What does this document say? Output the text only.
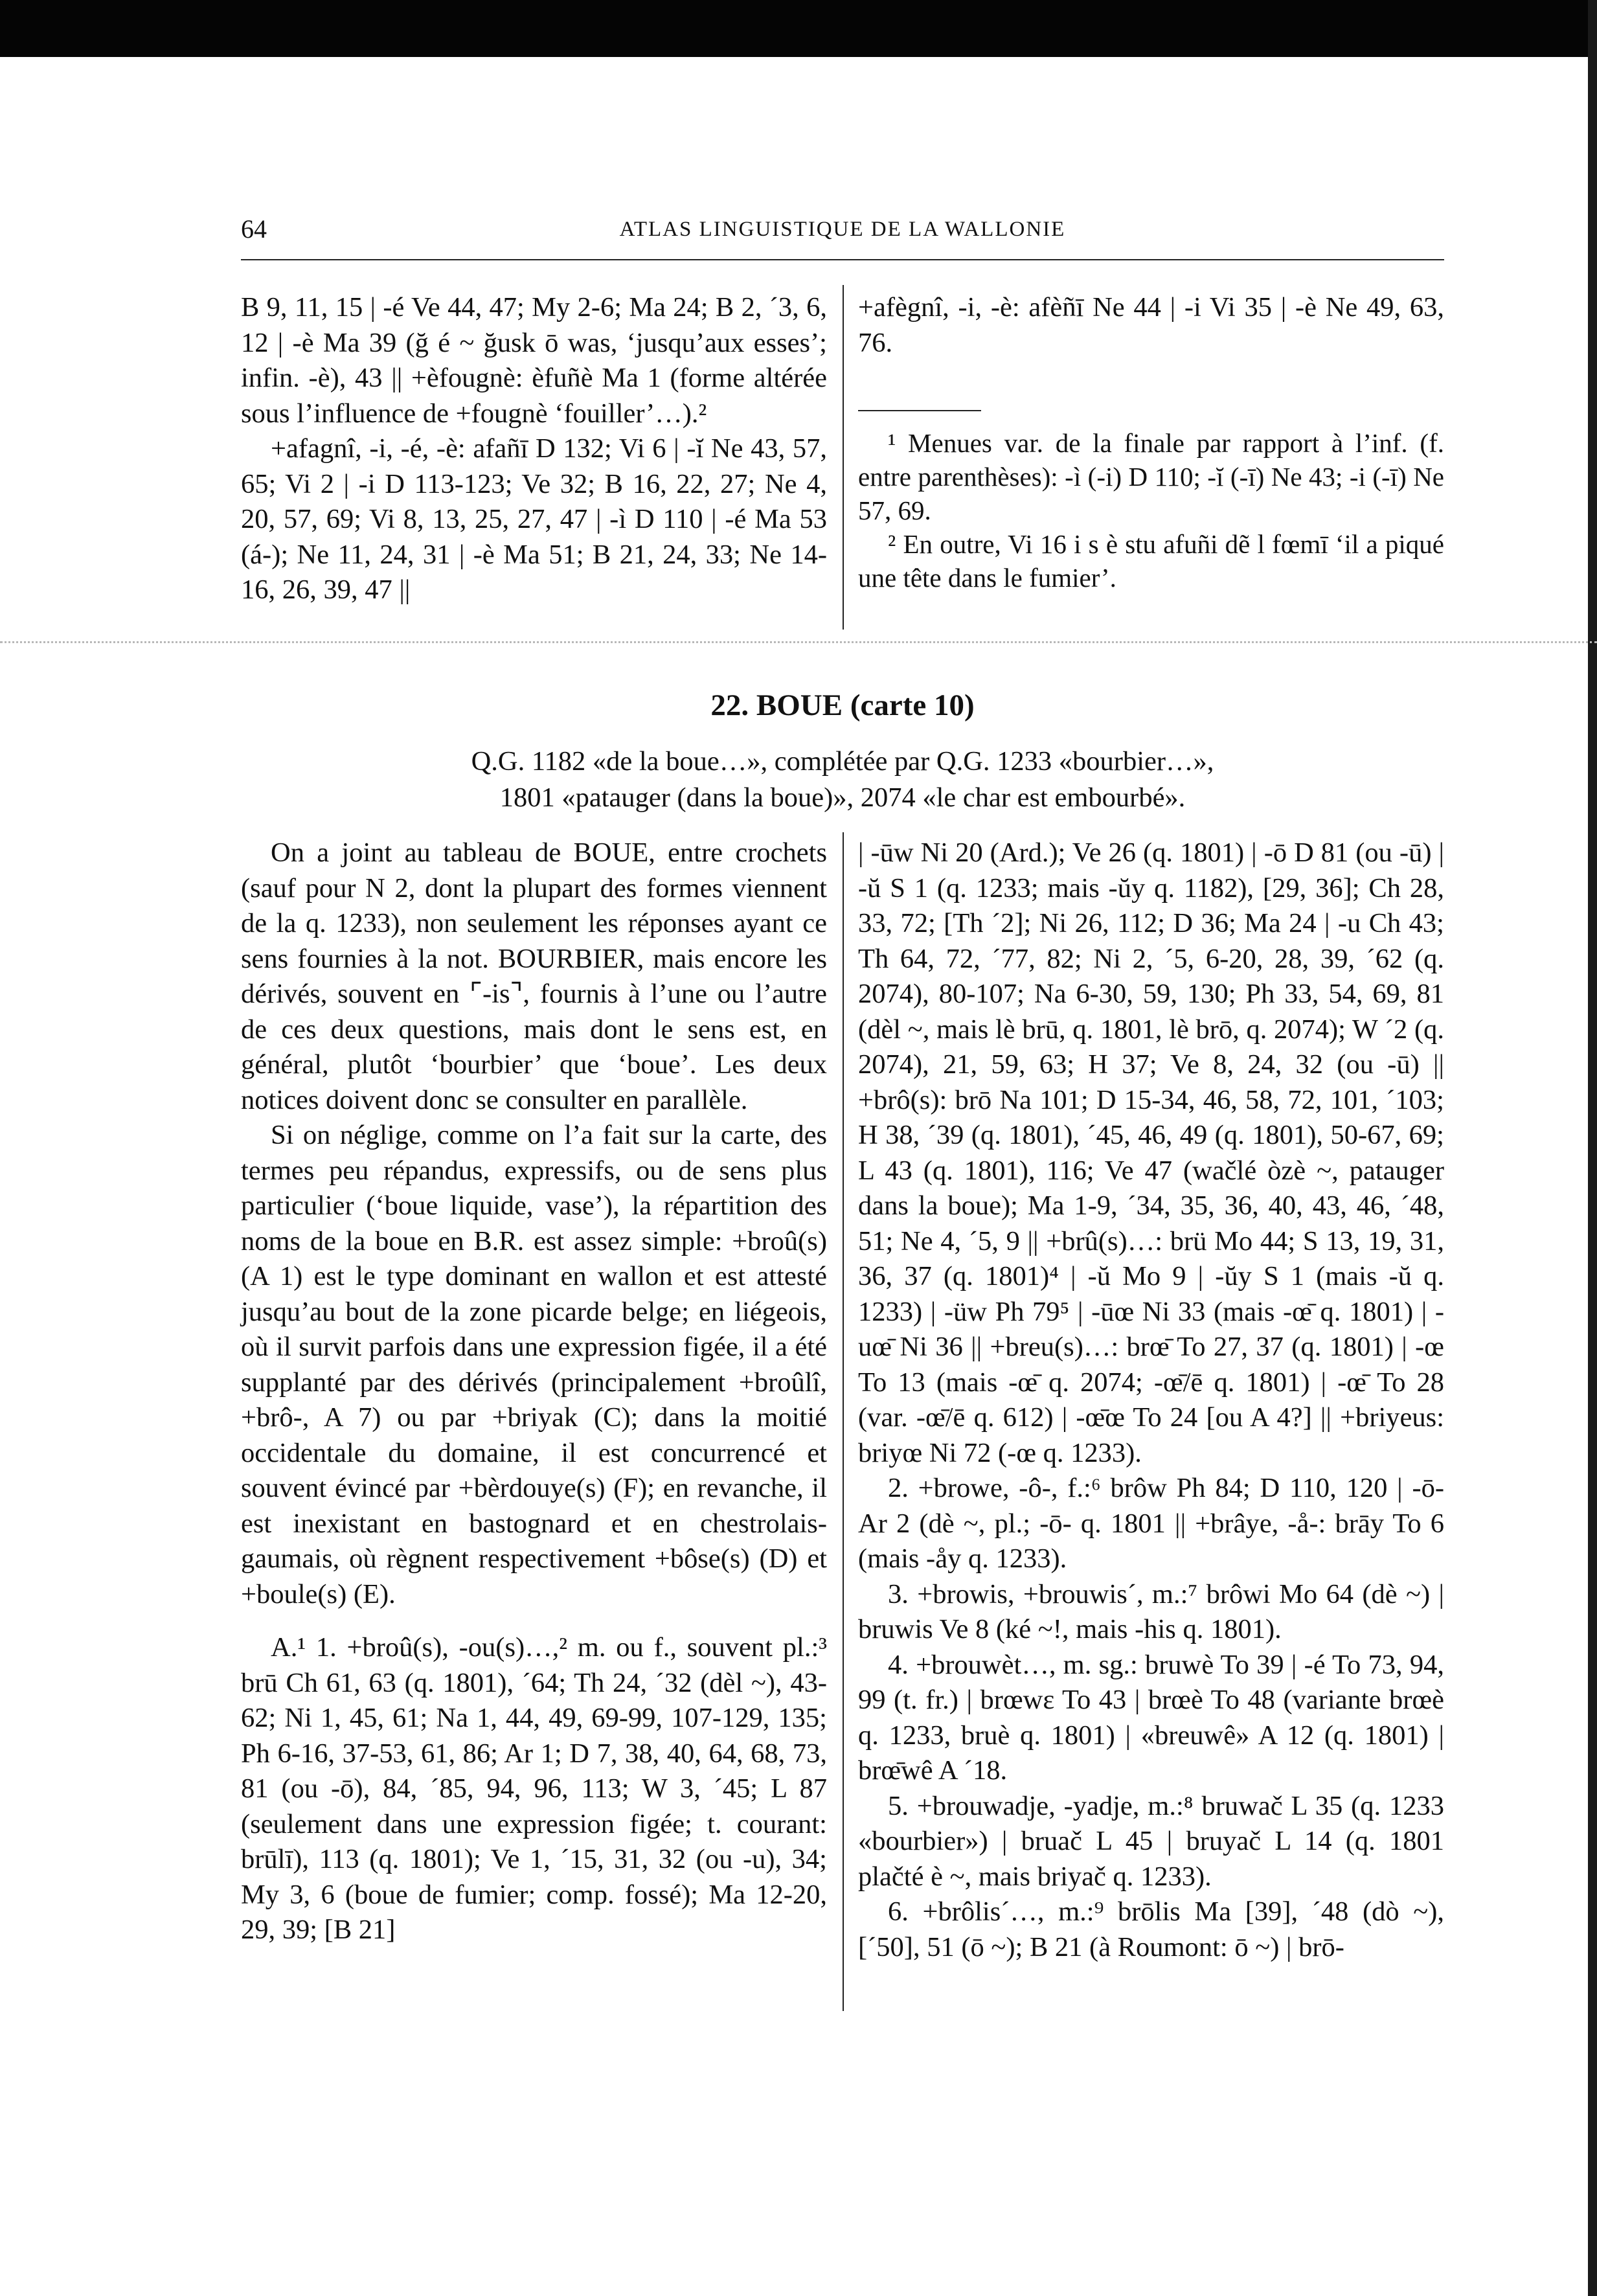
64	ATLAS LINGUISTIQUE DE LA WALLONIE

B 9, 11, 15 | -é Ve 44, 47; My 2-6; Ma 24; B 2, ´3, 6, 12 | -è Ma 39 (ğ é ~ ğusk ō was, ‘jusqu’aux esses’; infin. -è), 43 || +èfougnè: èfuñè Ma 1 (forme altérée sous l’influence de +fougnè ‘fouiller’…).²

+afagnî, -i, -é, -è: afañī D 132; Vi 6 | -ĭ Ne 43, 57, 65; Vi 2 | -i D 113-123; Ve 32; B 16, 22, 27; Ne 4, 20, 57, 69; Vi 8, 13, 25, 27, 47 | -ì D 110 | -é Ma 53 (á-); Ne 11, 24, 31 | -è Ma 51; B 21, 24, 33; Ne 14-16, 26, 39, 47 ||

+afègnî, -i, -è: afèñī Ne 44 | -i Vi 35 | -è Ne 49, 63, 76.

¹ Menues var. de la finale par rapport à l’inf. (f. entre parenthèses): -ì (-i) D 110; -ĭ (-ī) Ne 43; -i (-ī) Ne 57, 69.

² En outre, Vi 16 i s è stu afuñi dẽ l fœmī ‘il a piqué une tête dans le fumier’.

22. BOUE (carte 10)
Q.G. 1182 «de la boue…», complétée par Q.G. 1233 «bourbier…»,
1801 «patauger (dans la boue)», 2074 «le char est embourbé».

On a joint au tableau de BOUE, entre crochets (sauf pour N 2, dont la plupart des formes viennent de la q. 1233), non seulement les réponses ayant ce sens fournies à la not. BOURBIER, mais encore les dérivés, souvent en ⌜-is⌝, fournis à l’une ou l’autre de ces deux questions, mais dont le sens est, en général, plutôt ‘bourbier’ que ‘boue’. Les deux notices doivent donc se consulter en parallèle.

Si on néglige, comme on l’a fait sur la carte, des termes peu répandus, expressifs, ou de sens plus particulier (‘boue liquide, vase’), la répartition des noms de la boue en B.R. est assez simple: +broû(s) (A 1) est le type dominant en wallon et est attesté jusqu’au bout de la zone picarde belge; en liégeois, où il survit parfois dans une expression figée, il a été supplanté par des dérivés (principalement +broûlî, +brô-, A 7) ou par +briyak (C); dans la moitié occidentale du domaine, il est concurrencé et souvent évincé par +bèrdouye(s) (F); en revanche, il est inexistant en bastognard et en chestrolais-gaumais, où règnent respectivement +bôse(s) (D) et +boule(s) (E).

A.¹ 1. +broû(s), -ou(s)…,² m. ou f., souvent pl.:³ brū Ch 61, 63 (q. 1801), ´64; Th 24, ´32 (dèl ~), 43-62; Ni 1, 45, 61; Na 1, 44, 49, 69-99, 107-129, 135; Ph 6-16, 37-53, 61, 86; Ar 1; D 7, 38, 40, 64, 68, 73, 81 (ou -ō), 84, ´85, 94, 96, 113; W 3, ´45; L 87 (seulement dans une expression figée; t. courant: brūlī), 113 (q. 1801); Ve 1, ´15, 31, 32 (ou -u), 34; My 3, 6 (boue de fumier; comp. fossé); Ma 12-20, 29, 39; [B 21]

| -ūw Ni 20 (Ard.); Ve 26 (q. 1801) | -ō D 81 (ou -ū) | -ŭ S 1 (q. 1233; mais -ŭy q. 1182), [29, 36]; Ch 28, 33, 72; [Th ´2]; Ni 26, 112; D 36; Ma 24 | -u Ch 43; Th 64, 72, ´77, 82; Ni 2, ´5, 6-20, 28, 39, ´62 (q. 2074), 80-107; Na 6-30, 59, 130; Ph 33, 54, 69, 81 (dèl ~, mais lè brū, q. 1801, lè brō, q. 2074); W ´2 (q. 2074), 21, 59, 63; H 37; Ve 8, 24, 32 (ou -ū) || +brô(s): brō Na 101; D 15-34, 46, 58, 72, 101, ´103; H 38, ´39 (q. 1801), ´45, 46, 49 (q. 1801), 50-67, 69; L 43 (q. 1801), 116; Ve 47 (wačlé òzè ~, patauger dans la boue); Ma 1-9, ´34, 35, 36, 40, 43, 46, ´48, 51; Ne 4, ´5, 9 || +brû(s)…: brü Mo 44; S 13, 19, 31, 36, 37 (q. 1801)⁴ | -ŭ Mo 9 | -ŭy S 1 (mais -ŭ q. 1233) | -üw Ph 79⁵ | -ūœ Ni 33 (mais -œ̄ q. 1801) | -uœ̄ Ni 36 || +breu(s)…: brœ̄ To 27, 37 (q. 1801) | -œ To 13 (mais -œ̄ q. 2074; -œ̄/ē q. 1801) | -œ̄ To 28 (var. -œ̄/ē q. 612) | -œ̄œ To 24 [ou A 4?] || +briyeus: briyœ Ni 72 (-œ q. 1233).

2. +browe, -ô-, f.:⁶ brôw Ph 84; D 110, 120 | -ō- Ar 2 (dè ~, pl.; -ō- q. 1801 || +brâye, -å-: brāy To 6 (mais -åy q. 1233).

3. +browis, +brouwis´, m.:⁷ brôwi Mo 64 (dè ~) | bruwis Ve 8 (ké ~!, mais -his q. 1801).

4. +brouwèt…, m. sg.: bruwè To 39 | -é To 73, 94, 99 (t. fr.) | brœwɛ To 43 | brœè To 48 (variante brœè q. 1233, bruè q. 1801) | «breuwê» A 12 (q. 1801) | brœ̄wê A ´18.

5. +brouwadje, -yadje, m.:⁸ bruwač L 35 (q. 1233 «bourbier») | bruač L 45 | bruyač L 14 (q. 1801 plačté è ~, mais briyač q. 1233).

6. +brôlis´…, m.:⁹ brōlis Ma [39], ´48 (dò ~), [´50], 51 (ō ~); B 21 (à Roumont: ō ~) | brō-
